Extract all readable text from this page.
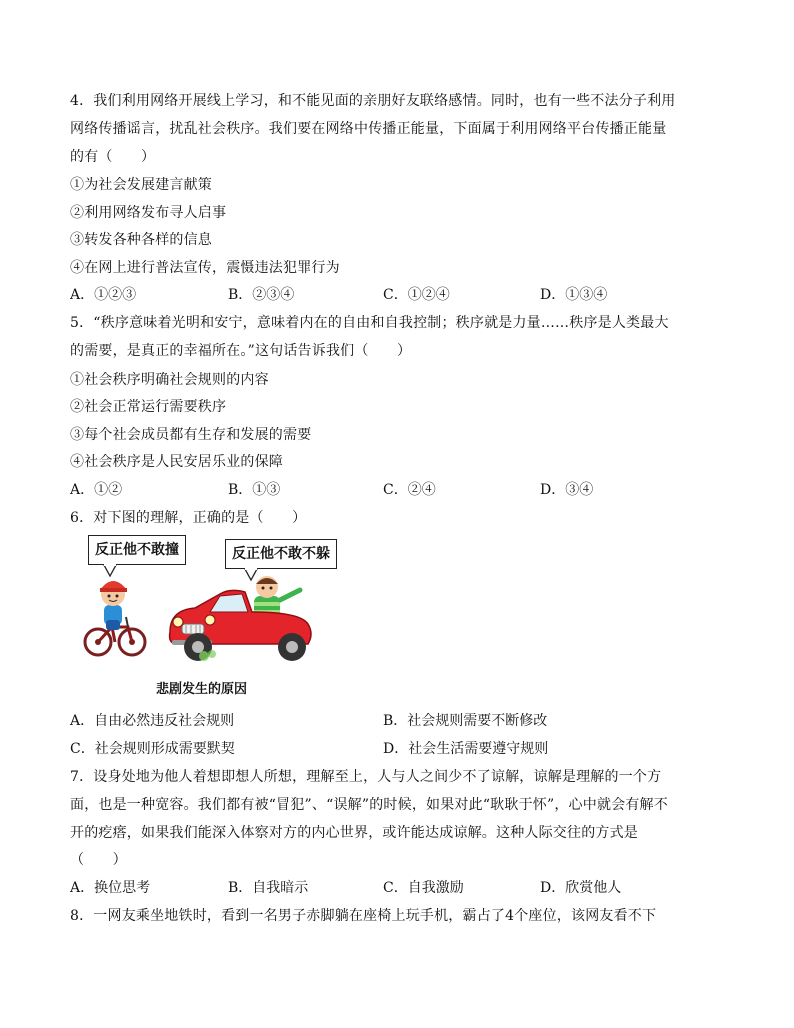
4．我们利用网络开展线上学习，和不能见面的亲朋好友联络感情。同时，也有一些不法分子利用
网络传播谣言，扰乱社会秩序。我们要在网络中传播正能量，下面属于利用网络平台传播正能量
的有（　　）
①为社会发展建言献策
②利用网络发布寻人启事
③转发各种各样的信息
④在网上进行普法宣传，震慑违法犯罪行为
A．①②③	B．②③④	C．①②④	D．①③④
5．“秩序意味着光明和安宁，意味着内在的自由和自我控制；秩序就是力量……秩序是人类最大
的需要，是真正的幸福所在。”这句话告诉我们（　　）
①社会秩序明确社会规则的内容
②社会正常运行需要秩序
③每个社会成员都有生存和发展的需要
④社会秩序是人民安居乐业的保障
A．①②	B．①③	C．②④	D．③④
6．对下图的理解，正确的是（　　）
反正他不敢撞	反正他不敢不躲
悲剧发生的原因
A．自由必然违反社会规则	B．社会规则需要不断修改
C．社会规则形成需要默契	D．社会生活需要遵守规则
7．设身处地为他人着想即想人所想，理解至上，人与人之间少不了谅解，谅解是理解的一个方
面，也是一种宽容。我们都有被“冒犯”、“误解”的时候，如果对此“耿耿于怀”，心中就会有解不
开的疙瘩，如果我们能深入体察对方的内心世界，或许能达成谅解。这种人际交往的方式是
（　　）
A．换位思考	B．自我暗示	C．自我激励	D．欣赏他人
8．一网友乘坐地铁时，看到一名男子赤脚躺在座椅上玩手机，霸占了4个座位，该网友看不下
